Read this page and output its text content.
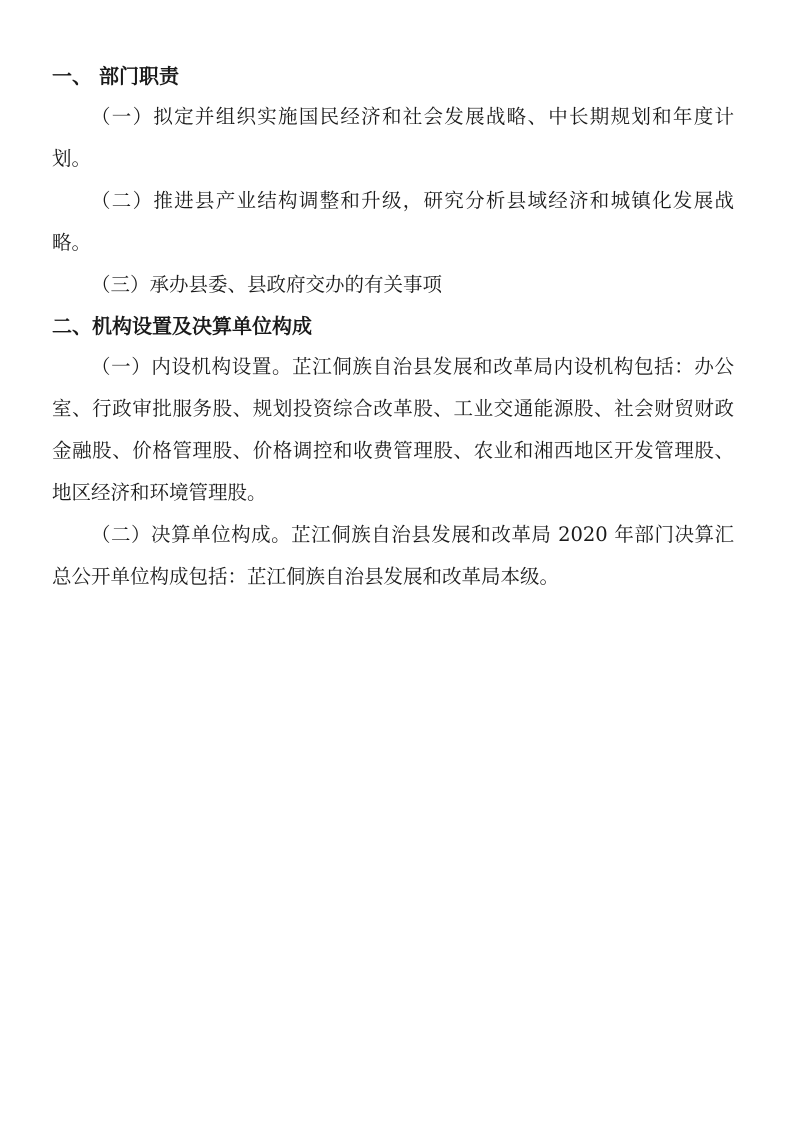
一、 部门职责

（一）拟定并组织实施国民经济和社会发展战略、中长期规划和年度计划。

（二）推进县产业结构调整和升级，研究分析县域经济和城镇化发展战略。

（三）承办县委、县政府交办的有关事项

二、机构设置及决算单位构成

（一）内设机构设置。芷江侗族自治县发展和改革局内设机构包括：办公室、行政审批服务股、规划投资综合改革股、工业交通能源股、社会财贸财政金融股、价格管理股、价格调控和收费管理股、农业和湘西地区开发管理股、地区经济和环境管理股。

（二）决算单位构成。芷江侗族自治县发展和改革局 2020 年部门决算汇总公开单位构成包括：芷江侗族自治县发展和改革局本级。
